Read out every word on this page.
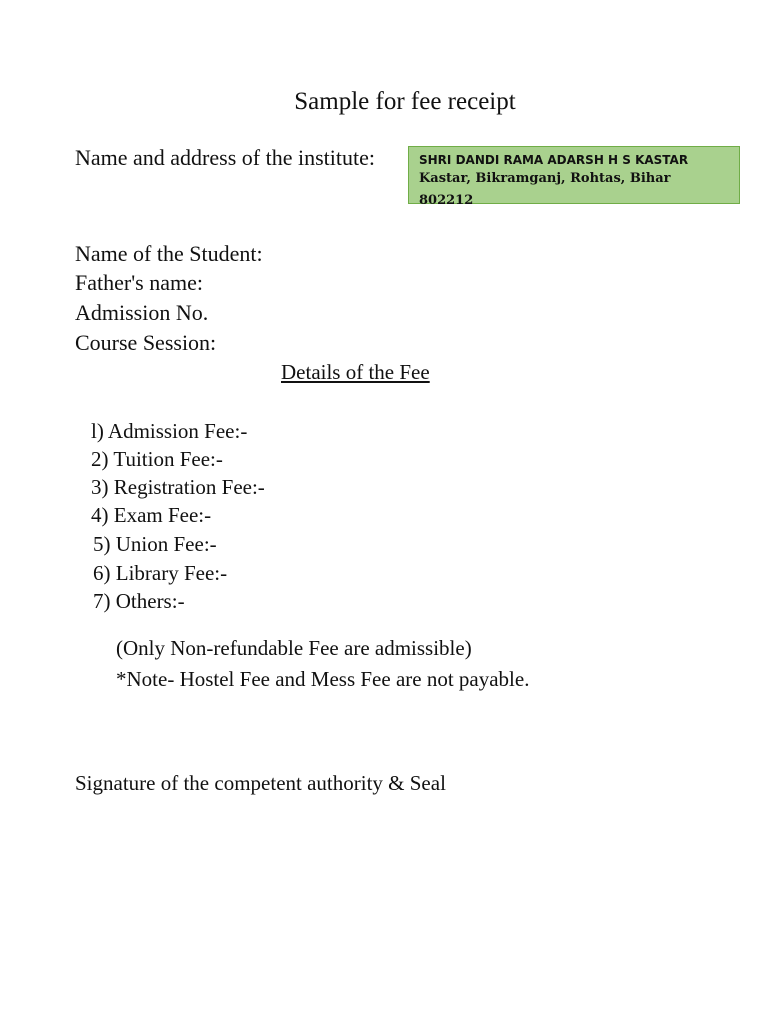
Sample for fee receipt
Name and address of the institute:	SHRI DANDI RAMA ADARSH H S KASTAR
Kastar, Bikramganj, Rohtas, Bihar 802212
Name of the Student:
Father's name:
Admission No.
Course Session:
Details of the Fee
l) Admission Fee:-
2) Tuition Fee:-
3) Registration Fee:-
4) Exam Fee:-
5) Union Fee:-
6) Library Fee:-
7) Others:-
(Only Non-refundable Fee are admissible)
*Note- Hostel Fee and Mess Fee are not payable.
Signature of the competent authority & Seal
